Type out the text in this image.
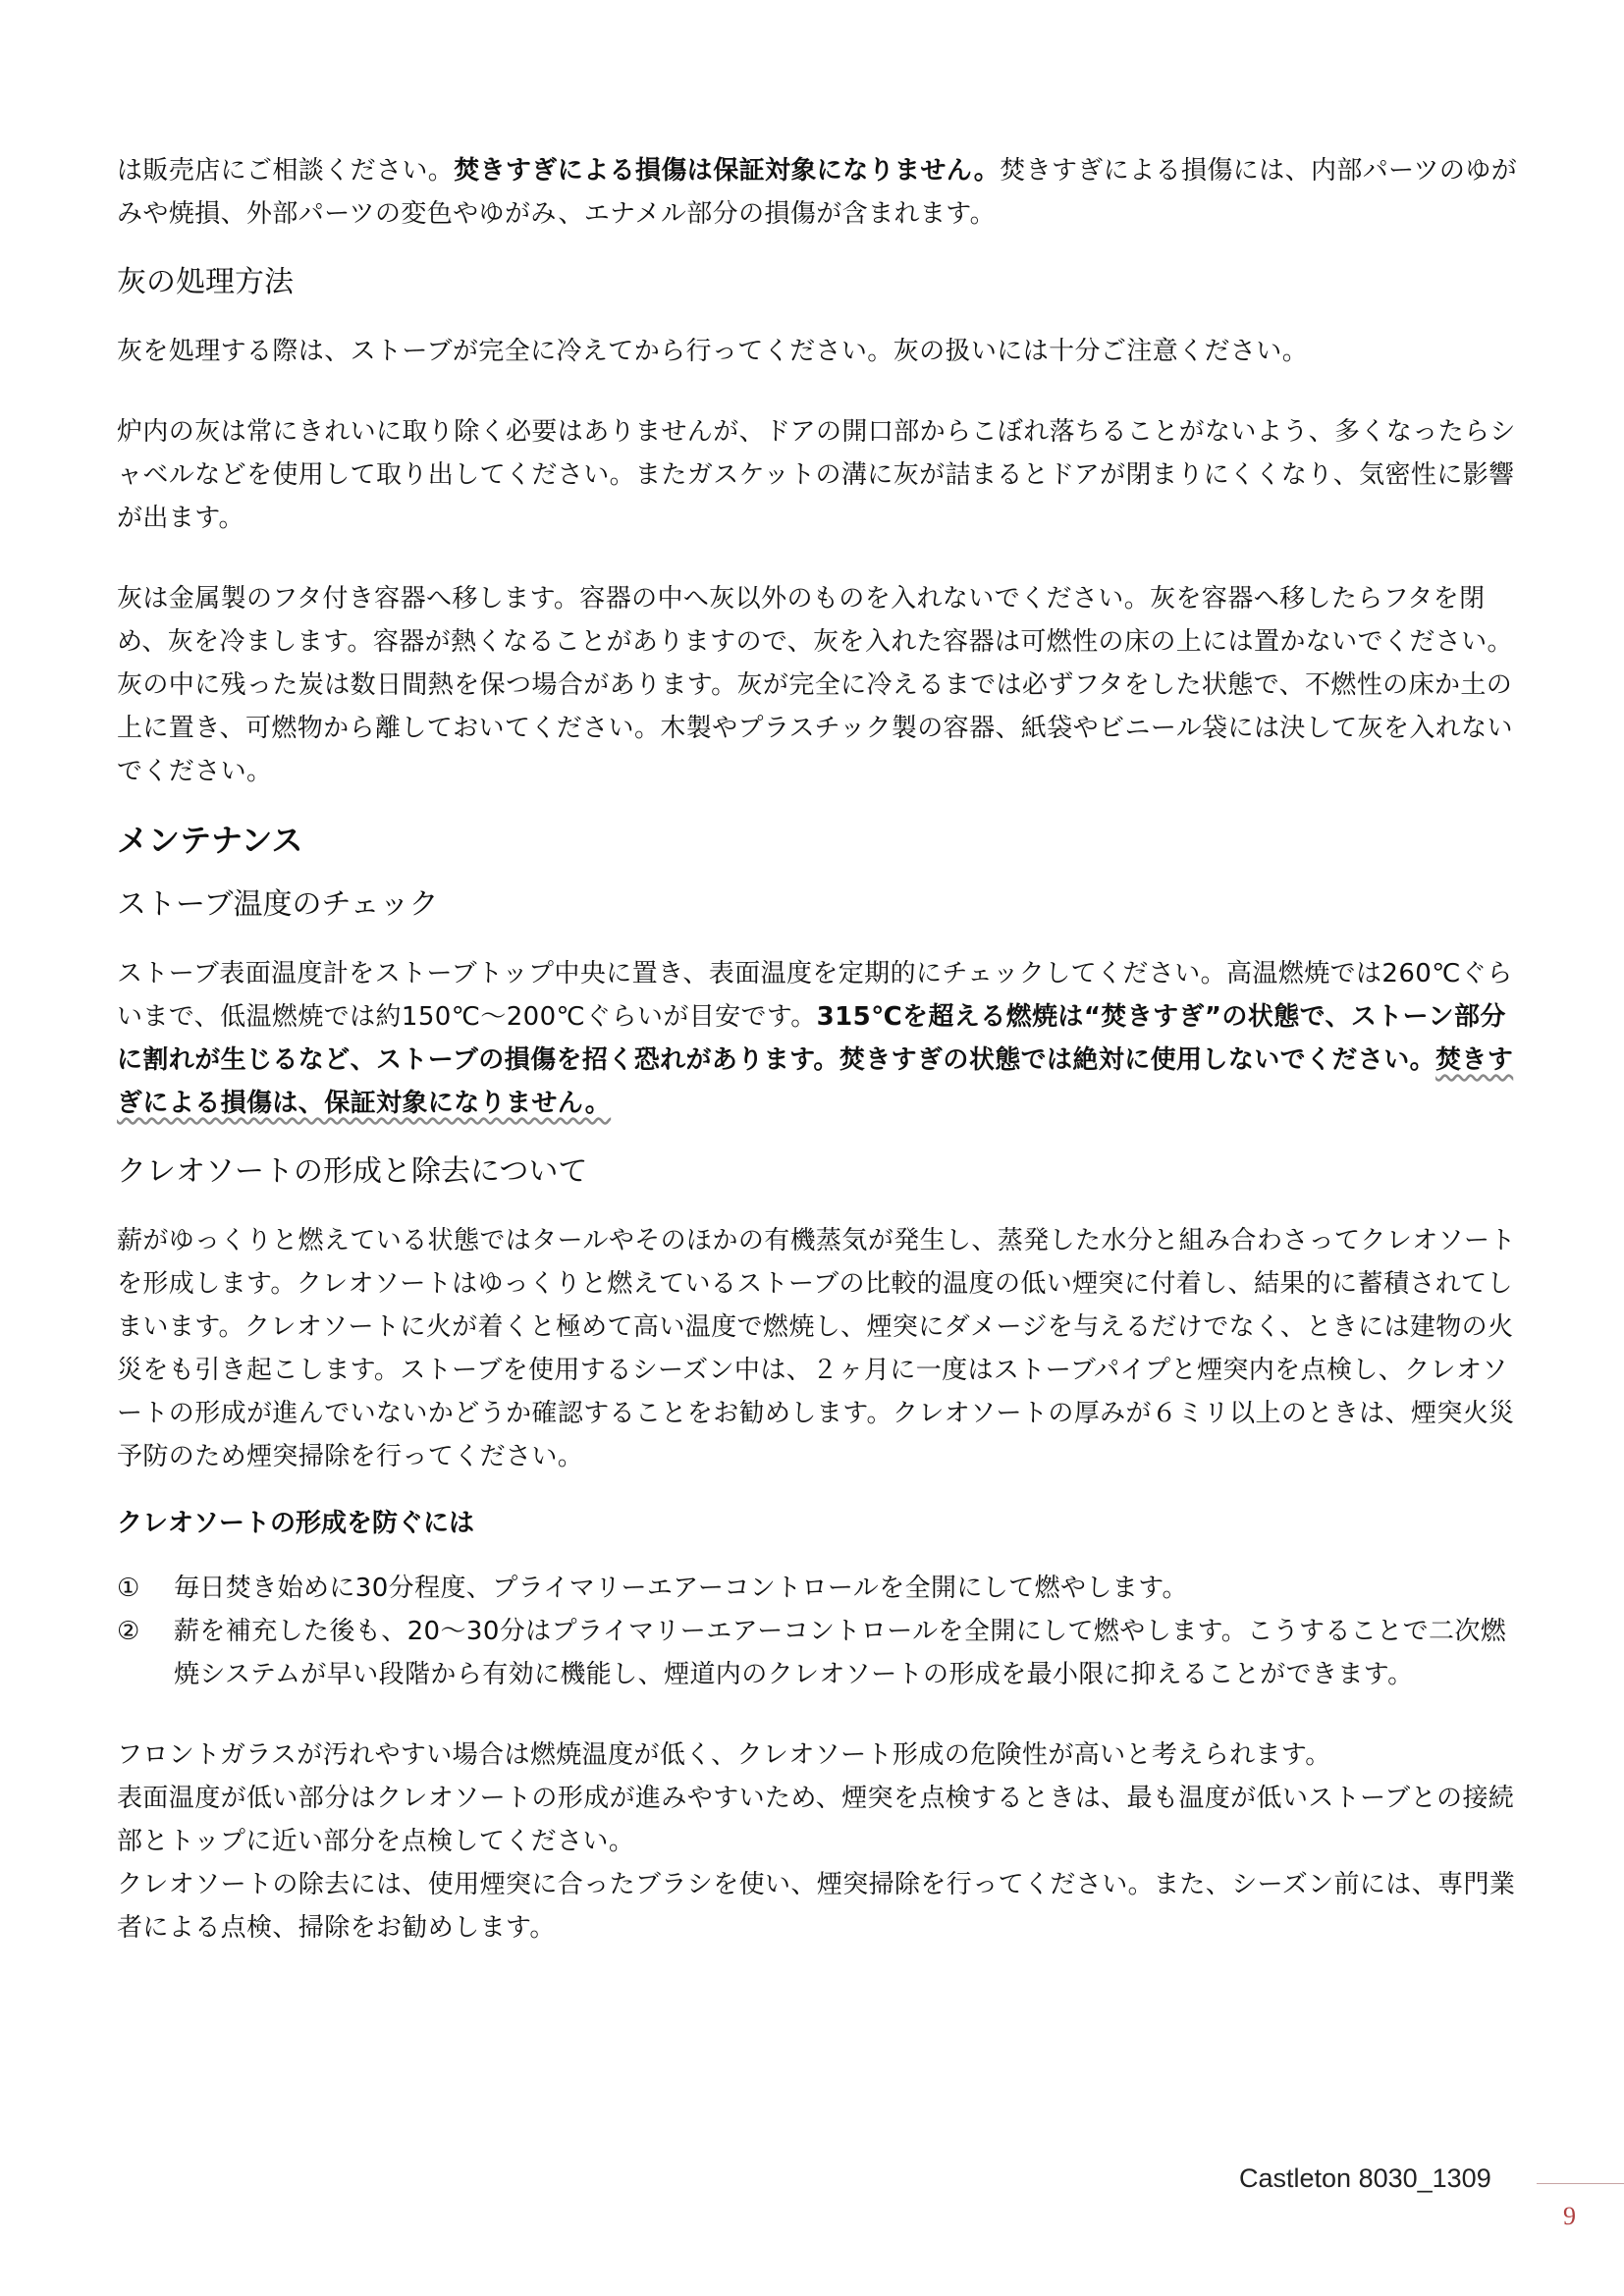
は販売店にご相談ください。焚きすぎによる損傷は保証対象になりません。焚きすぎによる損傷には、内部パーツのゆがみや焼損、外部パーツの変色やゆがみ、エナメル部分の損傷が含まれます。

灰の処理方法

灰を処理する際は、ストーブが完全に冷えてから行ってください。灰の扱いには十分ご注意ください。

炉内の灰は常にきれいに取り除く必要はありませんが、ドアの開口部からこぼれ落ちることがないよう、多くなったらシャベルなどを使用して取り出してください。またガスケットの溝に灰が詰まるとドアが閉まりにくくなり、気密性に影響が出ます。

灰は金属製のフタ付き容器へ移します。容器の中へ灰以外のものを入れないでください。灰を容器へ移したらフタを閉め、灰を冷まします。容器が熱くなることがありますので、灰を入れた容器は可燃性の床の上には置かないでください。灰の中に残った炭は数日間熱を保つ場合があります。灰が完全に冷えるまでは必ずフタをした状態で、不燃性の床か土の上に置き、可燃物から離しておいてください。木製やプラスチック製の容器、紙袋やビニール袋には決して灰を入れないでください。

メンテナンス
ストーブ温度のチェック

ストーブ表面温度計をストーブトップ中央に置き、表面温度を定期的にチェックしてください。高温燃焼では260℃ぐらいまで、低温燃焼では約150℃～200℃ぐらいが目安です。315℃を超える燃焼は“焚きすぎ”の状態で、ストーン部分に割れが生じるなど、ストーブの損傷を招く恐れがあります。焚きすぎの状態では絶対に使用しないでください。焚きすぎによる損傷は、保証対象になりません。

クレオソートの形成と除去について

薪がゆっくりと燃えている状態ではタールやそのほかの有機蒸気が発生し、蒸発した水分と組み合わさってクレオソートを形成します。クレオソートはゆっくりと燃えているストーブの比較的温度の低い煙突に付着し、結果的に蓄積されてしまいます。クレオソートに火が着くと極めて高い温度で燃焼し、煙突にダメージを与えるだけでなく、ときには建物の火災をも引き起こします。ストーブを使用するシーズン中は、２ヶ月に一度はストーブパイプと煙突内を点検し、クレオソートの形成が進んでいないかどうか確認することをお勧めします。クレオソートの厚みが６ミリ以上のときは、煙突火災予防のため煙突掃除を行ってください。

クレオソートの形成を防ぐには
① 毎日焚き始めに30分程度、プライマリーエアーコントロールを全開にして燃やします。
② 薪を補充した後も、20～30分はプライマリーエアーコントロールを全開にして燃やします。こうすることで二次燃焼システムが早い段階から有効に機能し、煙道内のクレオソートの形成を最小限に抑えることができます。

フロントガラスが汚れやすい場合は燃焼温度が低く、クレオソート形成の危険性が高いと考えられます。

表面温度が低い部分はクレオソートの形成が進みやすいため、煙突を点検するときは、最も温度が低いストーブとの接続部とトップに近い部分を点検してください。

クレオソートの除去には、使用煙突に合ったブラシを使い、煙突掃除を行ってください。また、シーズン前には、専門業者による点検、掃除をお勧めします。

Castleton 8030_1309
9
